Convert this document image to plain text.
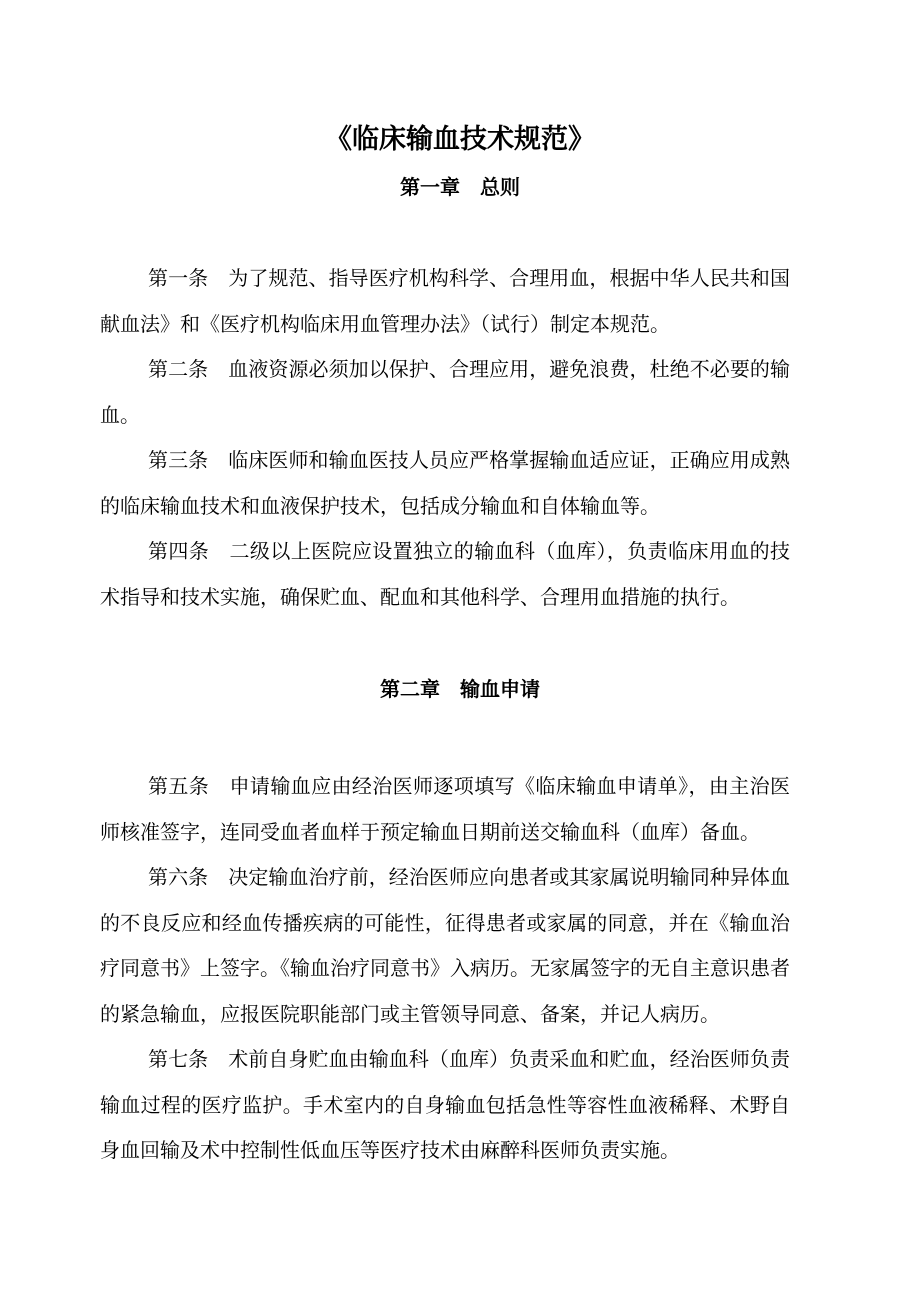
《临床输血技术规范》
第一章　总则

第一条　为了规范、指导医疗机构科学、合理用血，根据中华人民共和国献血法》和《医疗机构临床用血管理办法》（试行）制定本规范。

第二条　血液资源必须加以保护、合理应用，避免浪费，杜绝不必要的输血。

第三条　临床医师和输血医技人员应严格掌握输血适应证，正确应用成熟的临床输血技术和血液保护技术，包括成分输血和自体输血等。

第四条　二级以上医院应设置独立的输血科（血库），负责临床用血的技术指导和技术实施，确保贮血、配血和其他科学、合理用血措施的执行。

第二章　输血申请

第五条　申请输血应由经治医师逐项填写《临床输血申请单》，由主治医师核准签字，连同受血者血样于预定输血日期前送交输血科（血库）备血。

第六条　决定输血治疗前，经治医师应向患者或其家属说明输同种异体血的不良反应和经血传播疾病的可能性，征得患者或家属的同意，并在《输血治疗同意书》上签字。《输血治疗同意书》入病历。无家属签字的无自主意识患者的紧急输血，应报医院职能部门或主管领导同意、备案，并记人病历。

第七条　术前自身贮血由输血科（血库）负责采血和贮血，经治医师负责输血过程的医疗监护。手术室内的自身输血包括急性等容性血液稀释、术野自身血回输及术中控制性低血压等医疗技术由麻醉科医师负责实施。
